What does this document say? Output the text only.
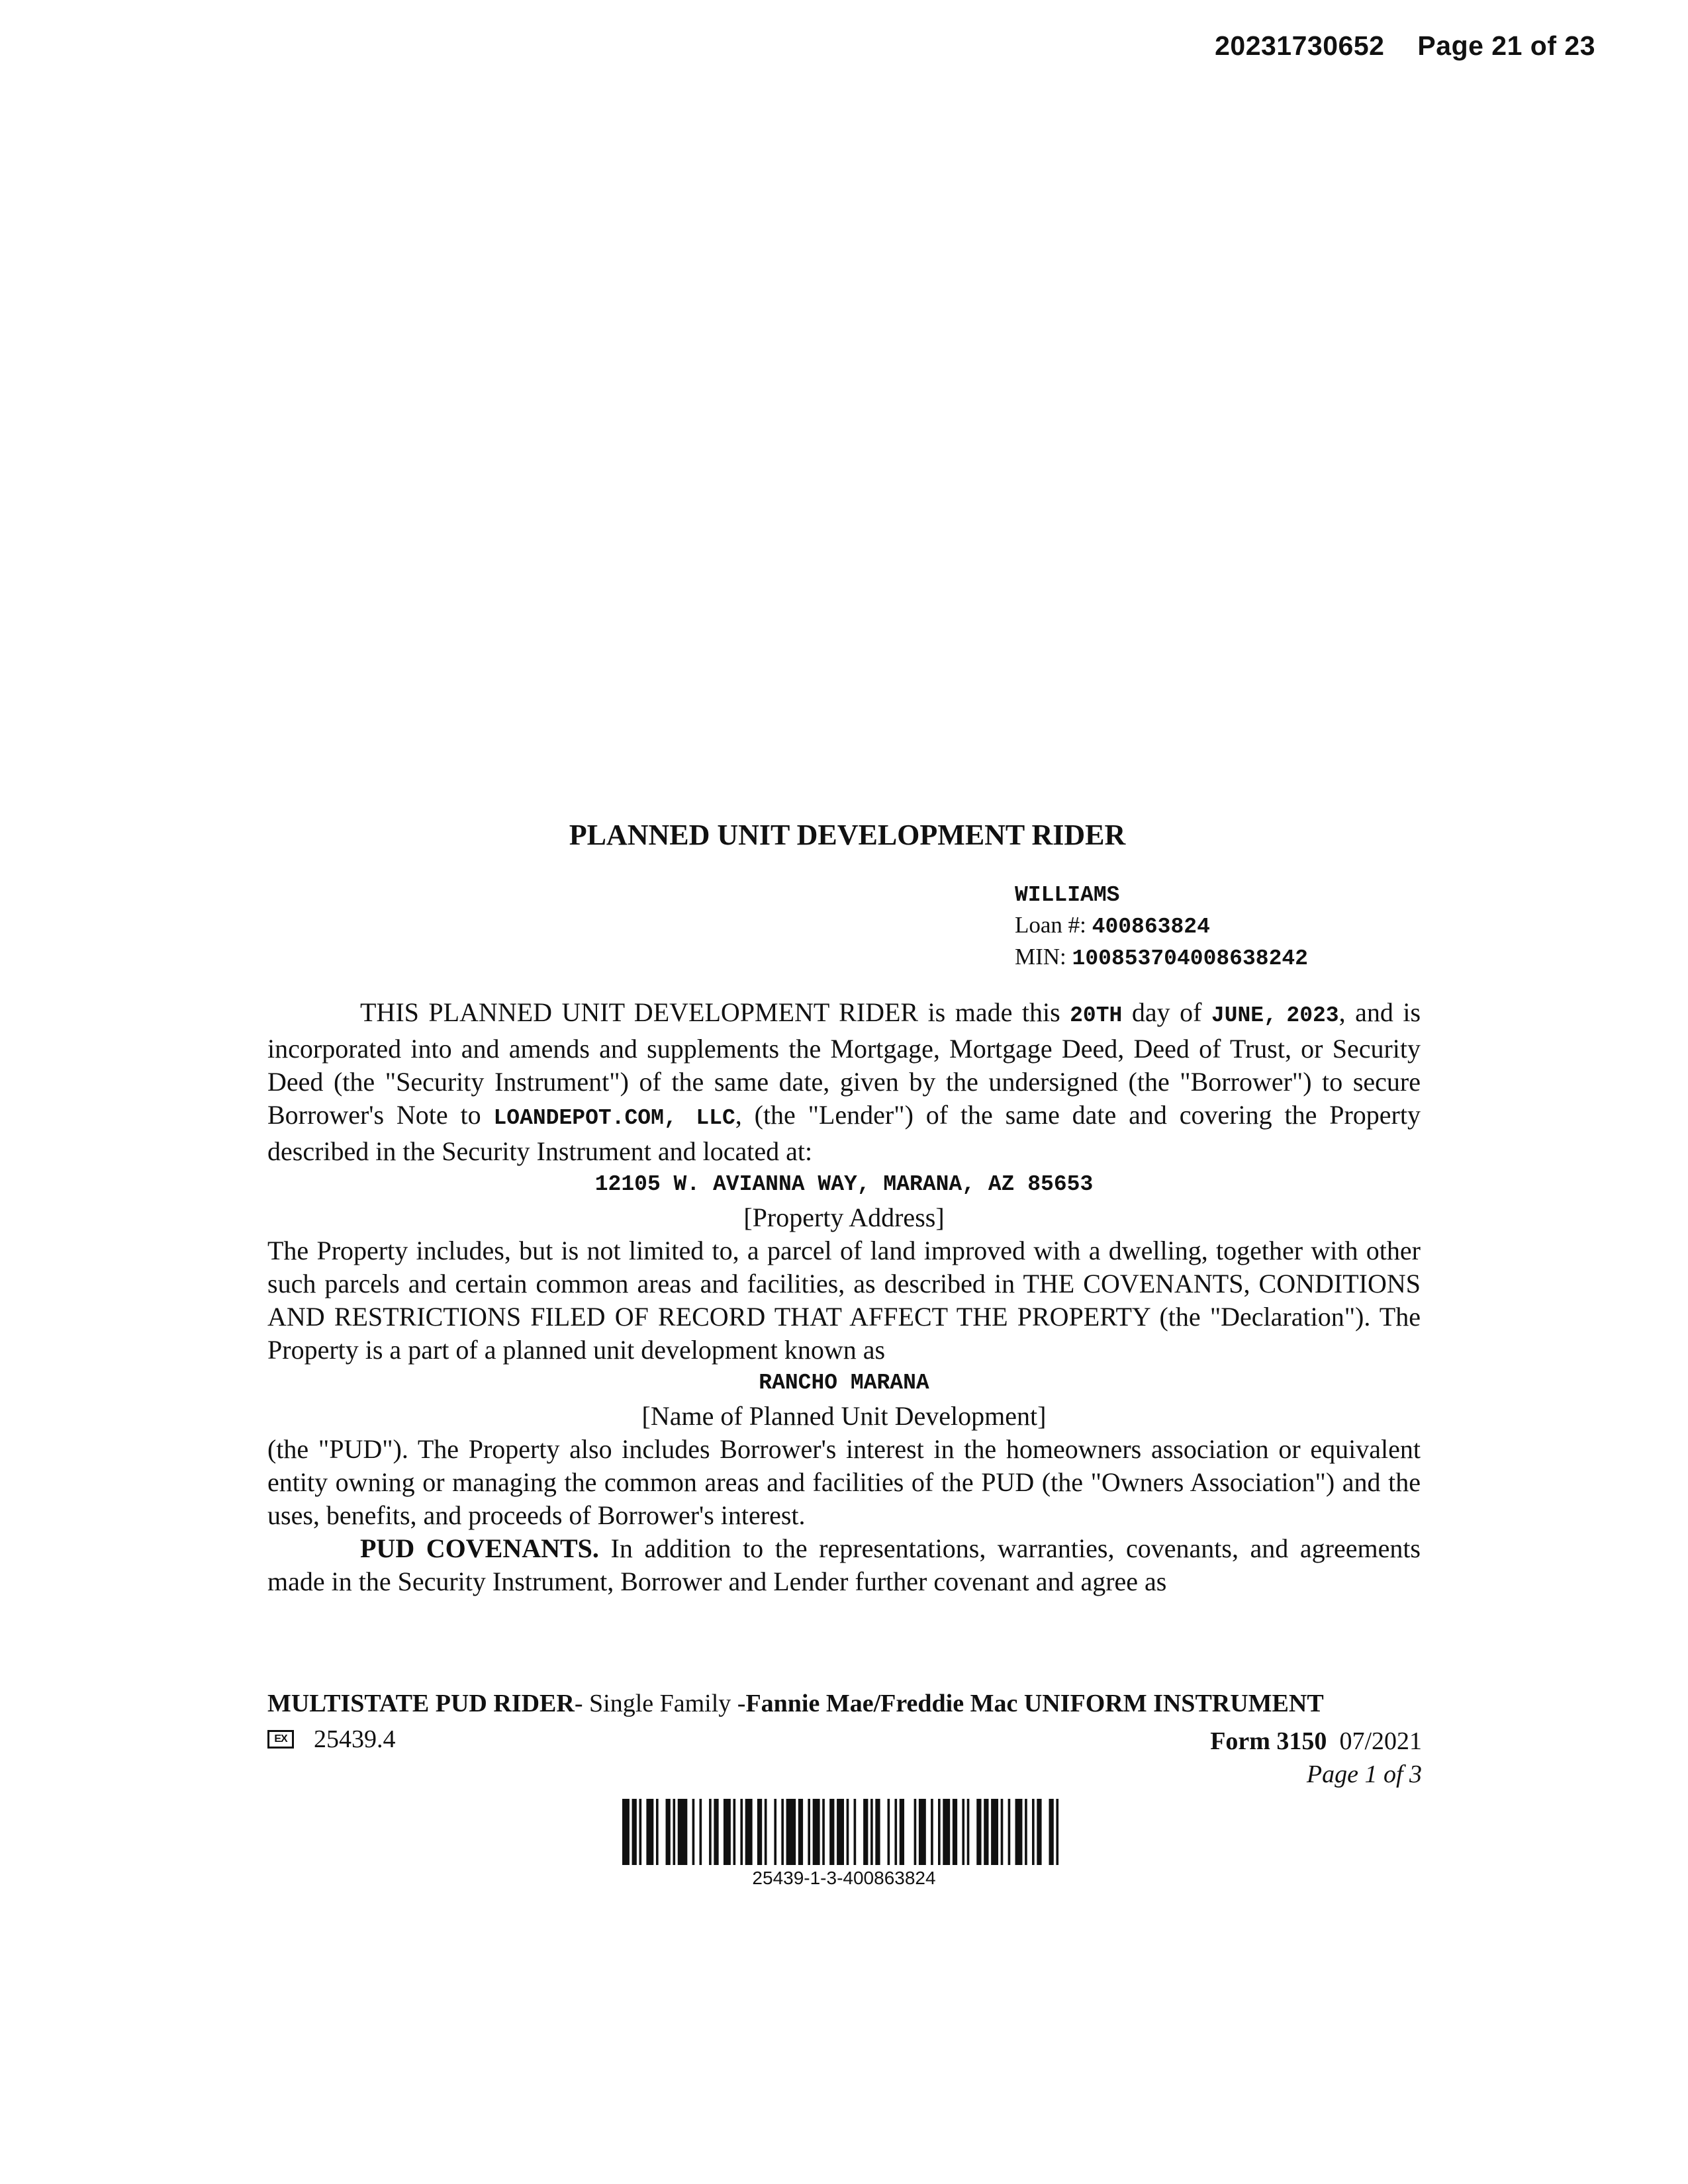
20231730652 Page 21 of 23
PLANNED UNIT DEVELOPMENT RIDER
WILLIAMS
Loan #: 400863824
MIN: 100853704008638242

THIS PLANNED UNIT DEVELOPMENT RIDER is made this 20TH day of JUNE, 2023, and is incorporated into and amends and supplements the Mortgage, Mortgage Deed, Deed of Trust, or Security Deed (the "Security Instrument") of the same date, given by the undersigned (the "Borrower") to secure Borrower's Note to LOANDEPOT.COM, LLC, (the "Lender") of the same date and covering the Property described in the Security Instrument and located at:

12105 W. AVIANNA WAY, MARANA, AZ 85653

[Property Address]

The Property includes, but is not limited to, a parcel of land improved with a dwelling, together with other such parcels and certain common areas and facilities, as described in THE COVENANTS, CONDITIONS AND RESTRICTIONS FILED OF RECORD THAT AFFECT THE PROPERTY (the "Declaration"). The Property is a part of a planned unit development known as

RANCHO MARANA

[Name of Planned Unit Development]

(the "PUD"). The Property also includes Borrower's interest in the homeowners association or equivalent entity owning or managing the common areas and facilities of the PUD (the "Owners Association") and the uses, benefits, and proceeds of Borrower's interest.

PUD COVENANTS. In addition to the representations, warranties, covenants, and agreements made in the Security Instrument, Borrower and Lender further covenant and agree as

MULTISTATE PUD RIDER- Single Family -Fannie Mae/Freddie Mac UNIFORM INSTRUMENT
EX 25439.4	Form 3150 07/2021
Page 1 of 3
25439-1-3-400863824
